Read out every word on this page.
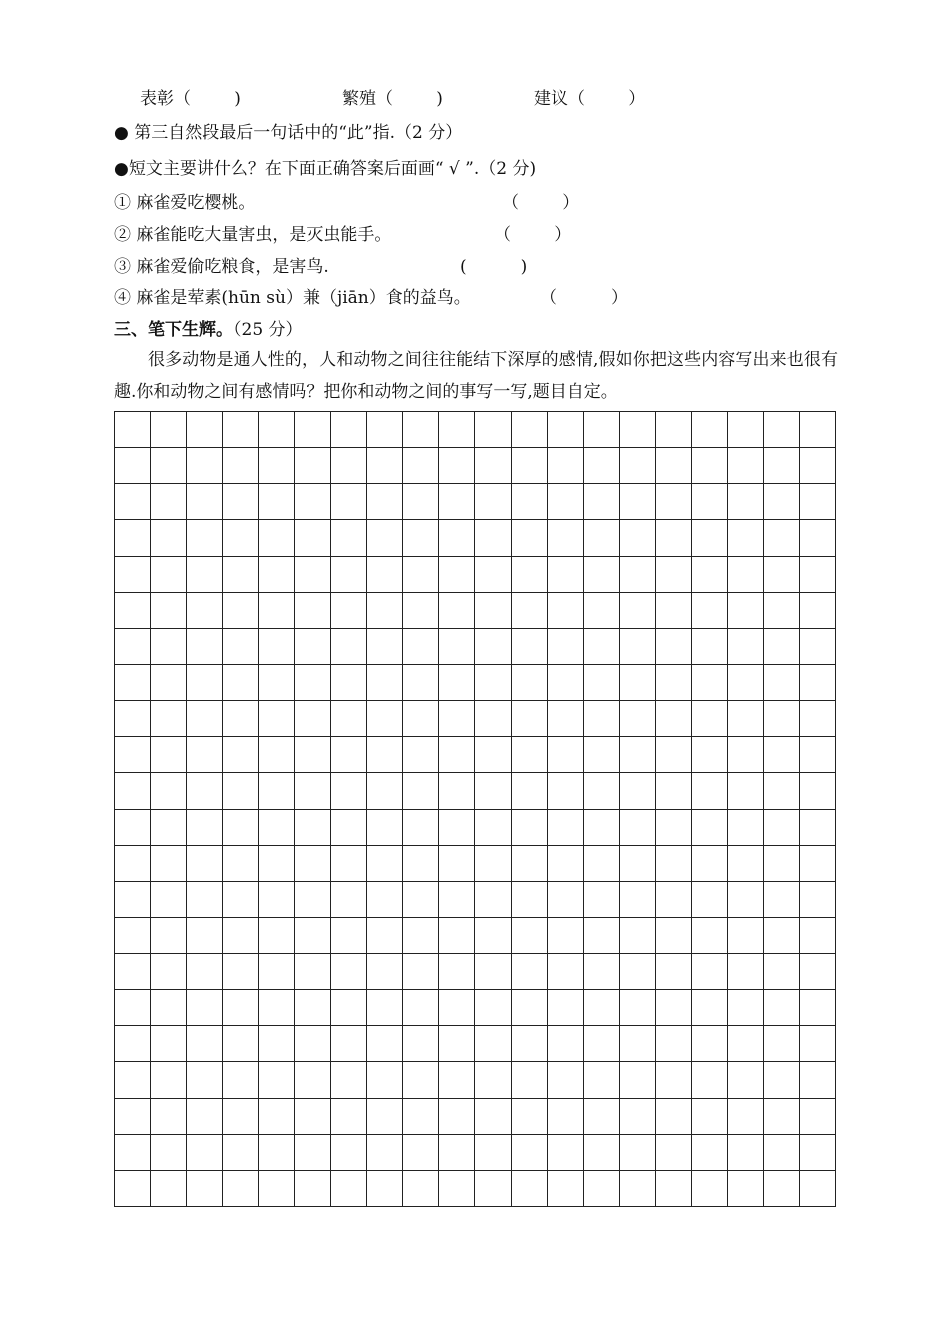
表彰（        )	繁殖（        )	建议（        ）
● 第三自然段最后一句话中的“此”指.（2 分）
●短文主要讲什么？在下面正确答案后面画“ √ ”.（2 分)
① 麻雀爱吃樱桃。	（        ）
② 麻雀能吃大量害虫，是灭虫能手。	（        ）
③ 麻雀爱偷吃粮食，是害鸟.	(          )
④ 麻雀是荤素(hūn sù）兼（jiān）食的益鸟。	（          ）
三、笔下生辉。（25 分）
很多动物是通人性的，人和动物之间往往能结下深厚的感情,假如你把这些内容写出来也很有趣.你和动物之间有感情吗？把你和动物之间的事写一写,题目自定。
